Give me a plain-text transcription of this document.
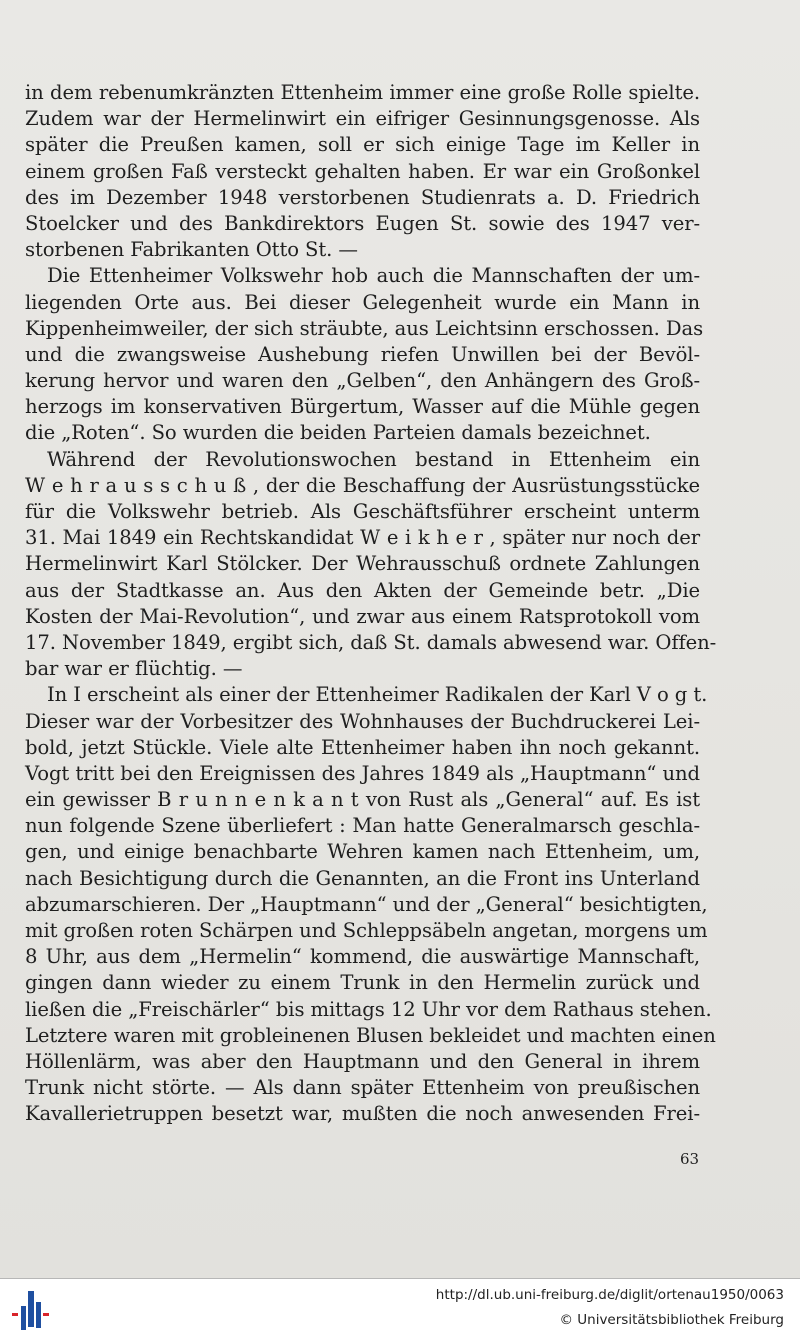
in dem rebenumkränzten Ettenheim immer eine große Rolle spielte.
Zudem war der Hermelinwirt ein eifriger Gesinnungsgenosse. Als
später die Preußen kamen, soll er sich einige Tage im Keller in
einem großen Faß versteckt gehalten haben. Er war ein Großonkel
des im Dezember 1948 verstorbenen Studienrats a. D. Friedrich
Stoelcker und des Bankdirektors Eugen St. sowie des 1947 ver-
storbenen Fabrikanten Otto St. —
Die Ettenheimer Volkswehr hob auch die Mannschaften der um-
liegenden Orte aus. Bei dieser Gelegenheit wurde ein Mann in
Kippenheimweiler, der sich sträubte, aus Leichtsinn erschossen. Das
und die zwangsweise Aushebung riefen Unwillen bei der Bevöl-
kerung hervor und waren den „Gelben“, den Anhängern des Groß-
herzogs im konservativen Bürgertum, Wasser auf die Mühle gegen
die „Roten“. So wurden die beiden Parteien damals bezeichnet.
Während der Revolutionswochen bestand in Ettenheim ein
W e h r a u s s c h u ß , der die Beschaffung der Ausrüstungsstücke
für die Volkswehr betrieb. Als Geschäftsführer erscheint unterm
31. Mai 1849 ein Rechtskandidat W e i k h e r , später nur noch der
Hermelinwirt Karl Stölcker. Der Wehrausschuß ordnete Zahlungen
aus der Stadtkasse an. Aus den Akten der Gemeinde betr. „Die
Kosten der Mai-Revolution“, und zwar aus einem Ratsprotokoll vom
17. November 1849, ergibt sich, daß St. damals abwesend war. Offen-
bar war er flüchtig. —
In I erscheint als einer der Ettenheimer Radikalen der Karl V o g t.
Dieser war der Vorbesitzer des Wohnhauses der Buchdruckerei Lei-
bold, jetzt Stückle. Viele alte Ettenheimer haben ihn noch gekannt.
Vogt tritt bei den Ereignissen des Jahres 1849 als „Hauptmann“ und
ein gewisser B r u n n e n k a n t von Rust als „General“ auf. Es ist
nun folgende Szene überliefert : Man hatte Generalmarsch geschla-
gen, und einige benachbarte Wehren kamen nach Ettenheim, um,
nach Besichtigung durch die Genannten, an die Front ins Unterland
abzumarschieren. Der „Hauptmann“ und der „General“ besichtigten,
mit großen roten Schärpen und Schleppsäbeln angetan, morgens um
8 Uhr, aus dem „Hermelin“ kommend, die auswärtige Mannschaft,
gingen dann wieder zu einem Trunk in den Hermelin zurück und
ließen die „Freischärler“ bis mittags 12 Uhr vor dem Rathaus stehen.
Letztere waren mit grobleinenen Blusen bekleidet und machten einen
Höllenlärm, was aber den Hauptmann und den General in ihrem
Trunk nicht störte. — Als dann später Ettenheim von preußischen
Kavallerietruppen besetzt war, mußten die noch anwesenden Frei-
63
http://dl.ub.uni-freiburg.de/diglit/ortenau1950/0063
© Universitätsbibliothek Freiburg
